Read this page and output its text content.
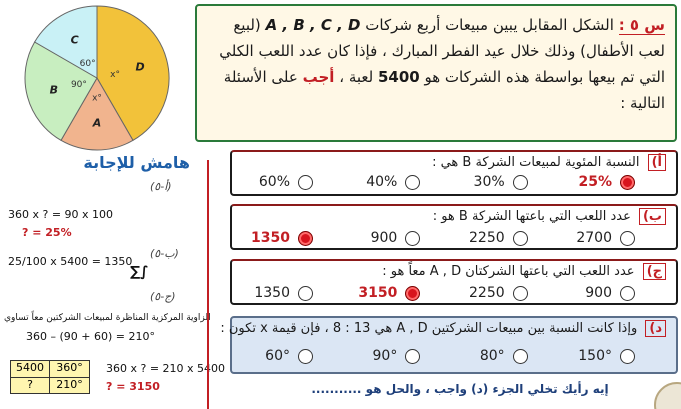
D
x°
A
x°
B 90°
C
60°
س ٥ : الشكل المقابل يبين مبيعات أربع شركات A , B , C , D (لبيع لعب الأطفال) وذلك خلال عيد الفطر المبارك ، فإذا كان عدد اللعب الكلي التي تم بيعها بواسطة هذه الشركات هو 5400 لعبة ، أجب على الأسئلة التالية :
هامش للإجابة
(أ-٥)
360 x ? = 90 x 100
? = 25%
(ب-٥)
25/100 x 5400 = 1350
∑∫
(ج-٥)
الزاوية المركزية المناظرة لمبيعات الشركتين معاً تساوي
360 – (90 + 60) = 210°
5400	360°
?	210°
360 x ? = 210 x 5400
? = 3150
أ) النسبة المئوية لمبيعات الشركة B هي :
60%	40%	30%	25%
ب) عدد اللعب التي باعتها الشركة B هو :
1350	900	2250	2700
ج) عدد اللعب التي باعتها الشركتان A , D معاً هو :
1350	3150	2250	900
د) وإذا كانت النسبة بين مبيعات الشركتين A , D هي 13 : 8 ، فإن قيمة x تكون :
60°	90°	80°	150°
إيه رأيك تخلي الجزء (د) واجب ، والحل هو ...........
